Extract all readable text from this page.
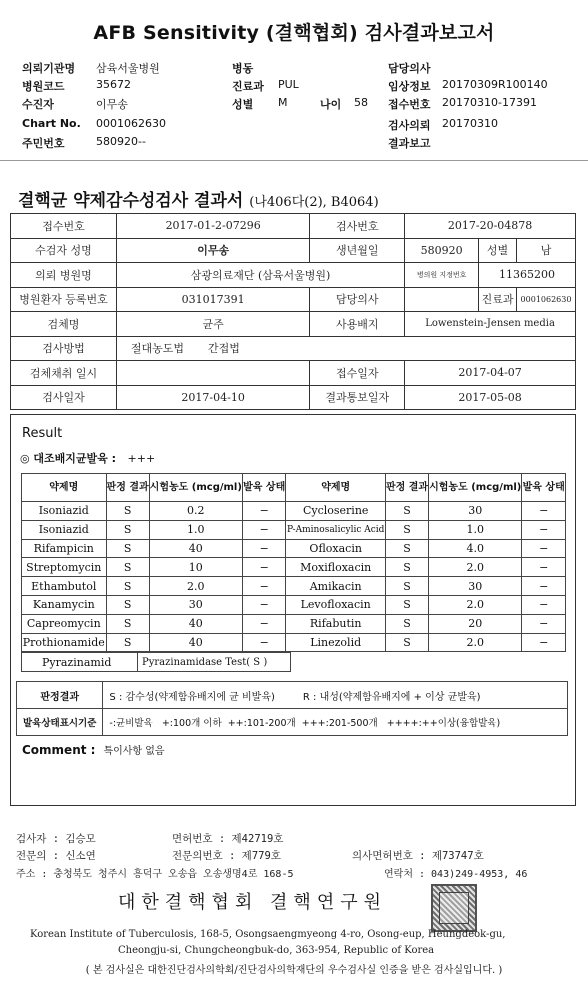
AFB Sensitivity (결핵협회) 검사결과보고서
의뢰기관명 삼육서울병원
병원코드	35672
수진자	이무송
Chart No. 0001062630
주민번호	580920--
병동
진료과 PUL
성별 M	나이 58
담당의사
임상정보 20170309R100140
접수번호 20170310-17391
검사의뢰 20170310
결과보고
결핵균 약제감수성검사 결과서 (나406다(2), B4064)
접수번호	2017-01-2-07296	검사번호	2017-20-04878		
수검자 성명	이무송	생년월일	580920	성별	남
의뢰 병원명	삼광의료재단 (삼육서울병원)		병의원 지정번호	11365200	
병원환자 등록번호	031017391	담당의사		진료과	0001062630
검체명	균주	사용배지	Lowenstein-Jensen media		
검사방법	절대농도법 간접법				
검체채취 일시		접수일자	2017-04-07		
검사일자	2017-04-10	결과통보일자	2017-05-08		
Result
◎ 대조배지균발육 : +++
약제명	판정 결과	시험농도 (mcg/ml)	발육 상태	약제명	판정 결과	시험농도 (mcg/ml)	발육 상태
Isoniazid	S	0.2	−	Cycloserine	S	30	−
Isoniazid	S	1.0	−	P-Aminosalicylic Acid	S	1.0	−
Rifampicin	S	40	−	Ofloxacin	S	4.0	−
Streptomycin	S	10	−	Moxifloxacin	S	2.0	−
Ethambutol	S	2.0	−	Amikacin	S	30	−
Kanamycin	S	30	−	Levofloxacin	S	2.0	−
Capreomycin	S	40	−	Rifabutin	S	20	−
Prothionamide	S	40	−	Linezolid	S	2.0	−
Pyrazinamid	Pyrazinamidase Test( S )
판정결과	S : 감수성(약제함유배지에 균 비발육) R : 내성(약제함유배지에 + 이상 균발육)
발육상태표시기준	-:균비발육   +:100개 이하  ++:101-200개  +++:201-500개   ++++:++이상(융합발육)
Comment : 특이사항 없음
검사자 : 김승모	면허번호 : 제42719호
전문의 : 신소연	전문의번호 : 제779호	의사면허번호 : 제73747호
주소 : 충청북도 청주시 흥덕구 오송읍 오송생명4로 168-5	연락처 : 043)249-4953, 46
대한결핵협회 결핵연구원
Korean Institute of Tuberculosis, 168-5, Osongsaengmyeong 4-ro, Osong-eup, Heungdeok-gu,
Cheongju-si, Chungcheongbuk-do, 363-954, Republic of Korea
( 본 검사실은 대한진단검사의학회/진단검사의학재단의 우수검사실 인증을 받은 검사실입니다. )
